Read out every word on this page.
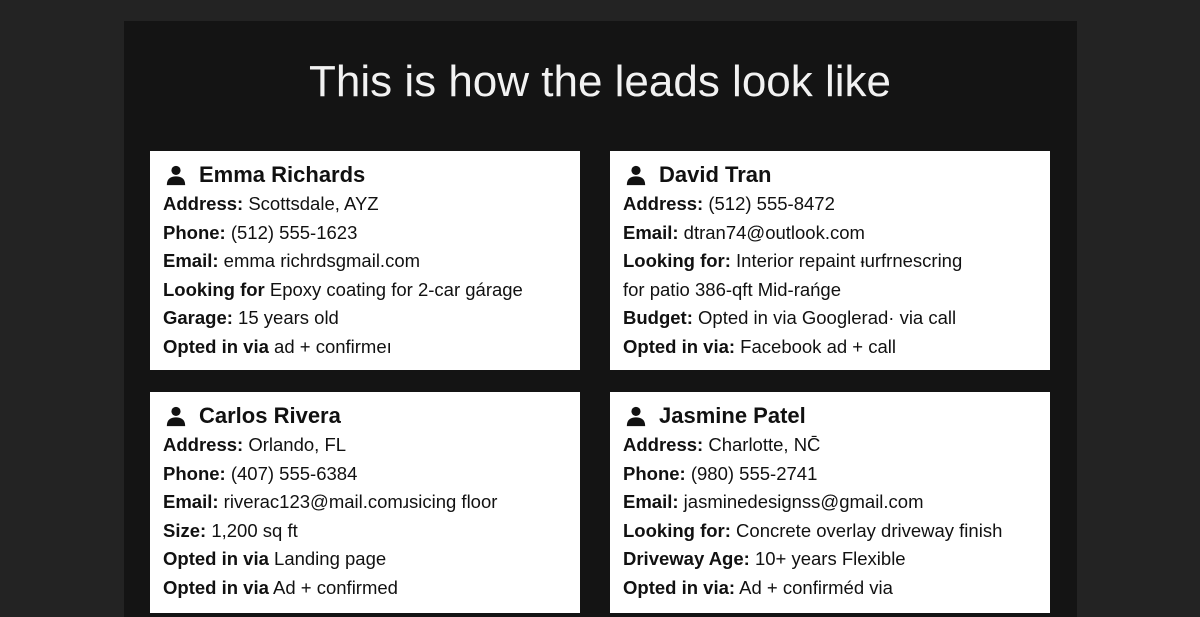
This is how the leads look like
Emma Richards
Address: Scottsdale, AYZ
Phone: (512) 555-1623
Email: emma richrdsgmail.com
Looking for Epoxy coating for 2-car gárage
Garage: 15 years old
Opted in via ad + confirmeı
David Tran
Address: (512) 555-8472
Email: dtran74@outlook.com
Looking for: Interior repaint ᵻurfrnescring
for patio 386-qft Mid-rańge
Budget: Opted in via Googlerad· via call
Opted in via: Facebook ad + call
Carlos Rivera
Address: Orlando, FL
Phone: (407) 555-6384
Email: riverac123@mail.comɹsicing floor
Size: 1,200 sq ft
Opted in via Landing page
Opted in via Ad + confirmed
Jasmine Patel
Address: Charlotte, NC̄
Phone: (980) 555-2741
Email: jasminedesignss@gmail.com
Looking for: Concrete overlay driveway finish
Driveway Age: 10+ years Flexible
Opted in via: Ad + confirméd via
